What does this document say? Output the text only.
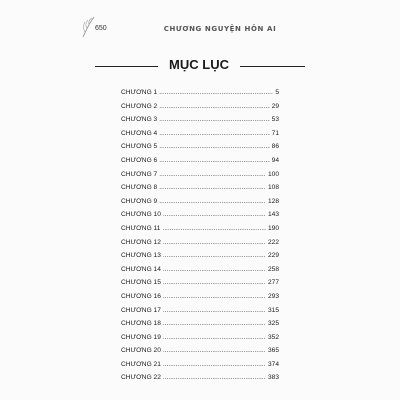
650	CHƯƠNG NGUYỆN HÔN AI
MỤC LỤC
CHƯƠNG 1 .....	5
CHƯƠNG 2 .....	29
CHƯƠNG 3 .....	53
CHƯƠNG 4 .....	71
CHƯƠNG 5 .....	86
CHƯƠNG 6 .....	94
CHƯƠNG 7 .....	100
CHƯƠNG 8 .....	108
CHƯƠNG 9 .....	128
CHƯƠNG 10 .....	143
CHƯƠNG 11 .....	190
CHƯƠNG 12 .....	222
CHƯƠNG 13 .....	229
CHƯƠNG 14 .....	258
CHƯƠNG 15 .....	277
CHƯƠNG 16 .....	293
CHƯƠNG 17 .....	315
CHƯƠNG 18 .....	325
CHƯƠNG 19 .....	352
CHƯƠNG 20 .....	365
CHƯƠNG 21 .....	374
CHƯƠNG 22 .....	383
